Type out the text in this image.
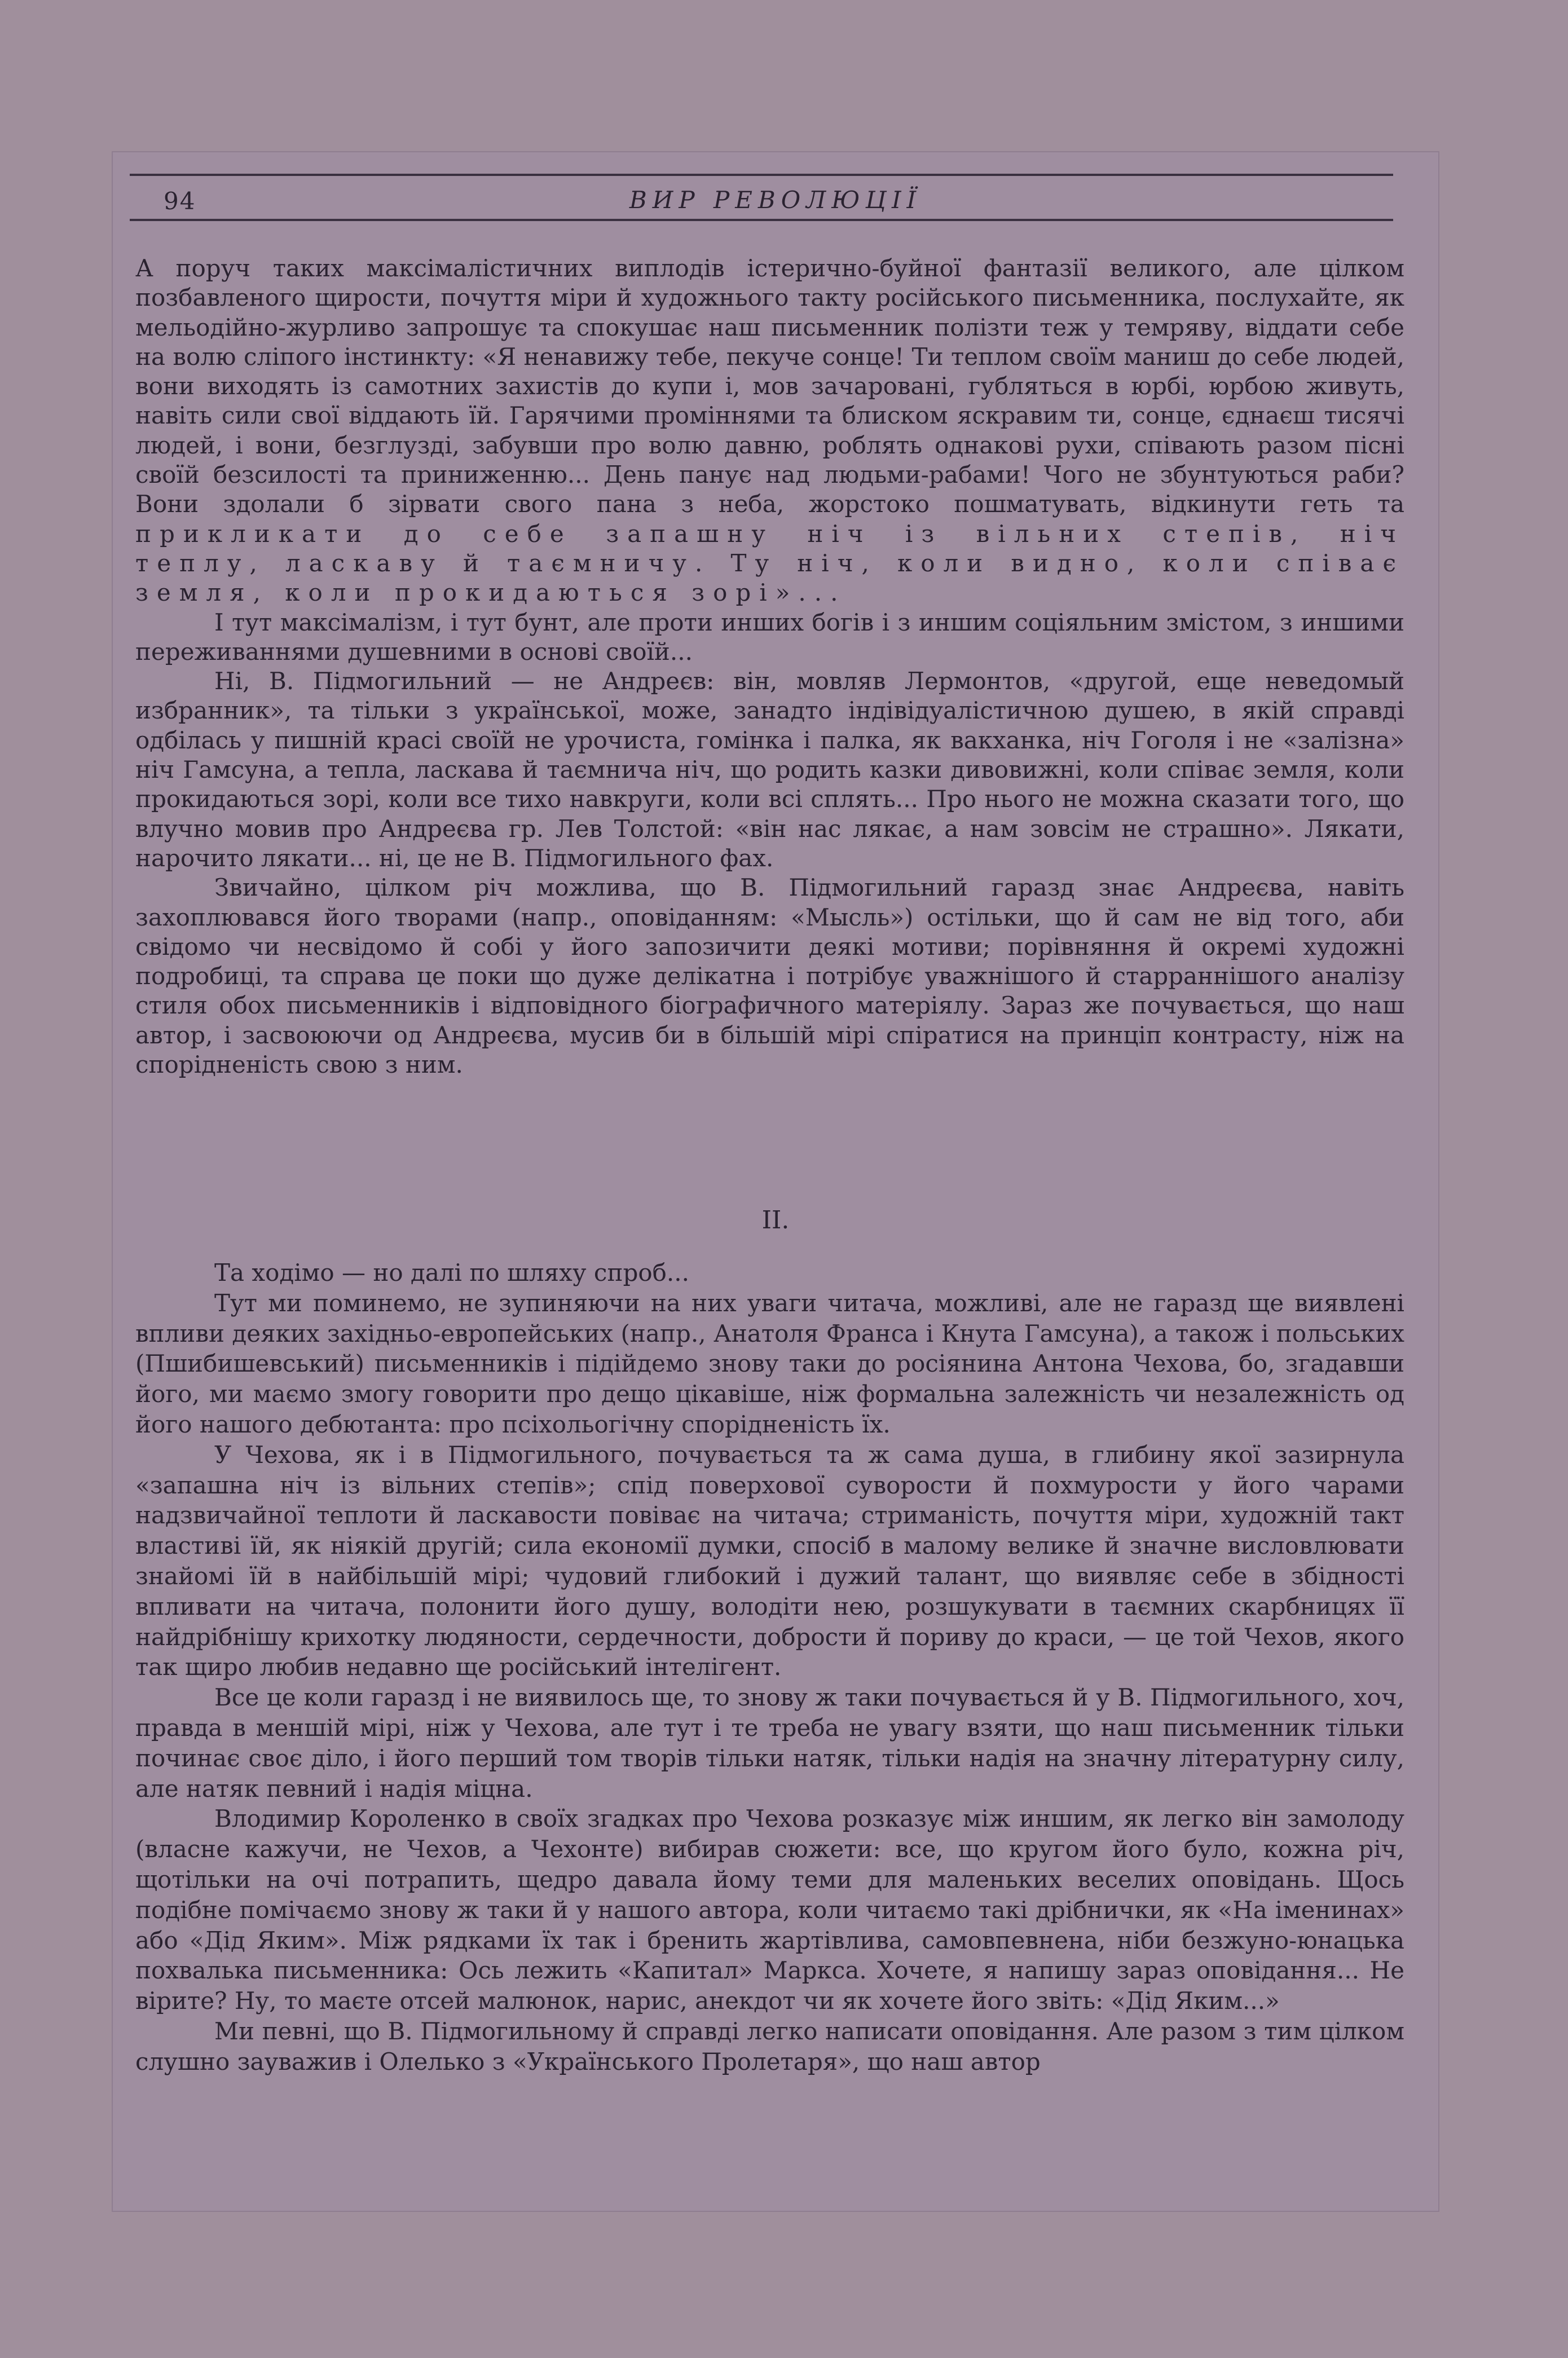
94	ВИР РЕВОЛЮЦІЇ

А поруч таких максімалістичних виплодів істерично-буйної фантазії великого, але цілком позбавленого щирости, почуття міри й художнього такту російського письменника, послухайте, як мельодійно-журливо запрошує та спокушає наш письменник полізти теж у темряву, віддати себе на волю сліпого інстинкту: «Я ненавижу тебе, пекуче сонце! Ти теплом своїм маниш до себе людей, вони виходять із самотних захистів до купи і, мов зачаровані, губляться в юрбі, юрбою живуть, навіть сили свої віддають їй. Гарячими проміннями та блиском яскравим ти, сонце, єднаєш тисячі людей, і вони, безглузді, забувши про волю давню, роблять однакові рухи, співають разом пісні своїй безсилості та приниженню... День панує над людьми-рабами! Чого не збунтуються раби? Вони здолали б зірвати свого пана з неба, жорстоко пошматувать, відкинути геть та прикликати до себе запашну ніч із вільних степів, ніч теплу, ласкаву й таємничу. Ту ніч, коли видно, коли співає земля, коли прокидаються зорі»...

І тут максімалізм, і тут бунт, але проти инших богів і з иншим соціяльним змістом, з иншими переживаннями душевними в основі своїй...

Ні, В. Підмогильний — не Андреєв: він, мовляв Лермонтов, «другой, еще неведомый избранник», та тільки з української, може, занадто індівідуалістичною душею, в якій справді одбілась у пишній красі своїй не урочиста, гомінка і палка, як вакханка, ніч Гоголя і не «залізна» ніч Гамсуна, а тепла, ласкава й таємнича ніч, що родить казки дивовижні, коли співає земля, коли прокидаються зорі, коли все тихо навкруги, коли всі сплять... Про нього не можна сказати того, що влучно мовив про Андреєва гр. Лев Толстой: «він нас лякає, а нам зовсім не страшно». Лякати, нарочито лякати... ні, це не В. Підмогильного фах.

Звичайно, цілком річ можлива, що В. Підмогильний гаразд знає Андреєва, навіть захоплювався його творами (напр., оповіданням: «Мысль») остільки, що й сам не від того, аби свідомо чи несвідомо й собі у його запозичити деякі мотиви; порівняння й окремі художні подробиці, та справа це поки що дуже делікатна і потрібує уважнішого й старраннішого аналізу стиля обох письменників і відповідного біографичного матеріялу. Зараз же почувається, що наш автор, і засвоюючи од Андреєва, мусив би в більшій мірі спіратися на принціп контрасту, ніж на спорідненість свою з ним.

II.

Та ходімо — но далі по шляху спроб...

Тут ми поминемо, не зупиняючи на них уваги читача, можливі, але не гаразд ще виявлені впливи деяких західньо-европейських (напр., Анатоля Франса і Кнута Гамсуна), а також і польських (Пшибишевський) письменників і підійдемо знову таки до росіянина Антона Чехова, бо, згадавши його, ми маємо змогу говорити про дещо цікавіше, ніж формальна залежність чи незалежність од його нашого дебютанта: про псіхольогічну спорідненість їх.

У Чехова, як і в Підмогильного, почувається та ж сама душа, в глибину якої зазирнула «запашна ніч із вільних степів»; спід поверхової суворости й похмурости у його чарами надзвичайної теплоти й ласкавости повіває на читача; стриманість, почуття міри, художній такт властиві їй, як ніякій другій; сила економії думки, спосіб в малому велике й значне висловлювати знайомі їй в найбільшій мірі; чудовий глибокий і дужий талант, що виявляє себе в збідності впливати на читача, полонити його душу, володіти нею, розшукувати в таємних скарбницях її найдрібнішу крихотку людяности, сердечности, добрости й пориву до краси, — це той Чехов, якого так щиро любив недавно ще російський інтелігент.

Все це коли гаразд і не виявилось ще, то знову ж таки почувається й у В. Підмогильного, хоч, правда в меншій мірі, ніж у Чехова, але тут і те треба не увагу взяти, що наш письменник тільки починає своє діло, і його перший том творів тільки натяк, тільки надія на значну літературну силу, але натяк певний і надія міцна.

Влодимир Короленко в своїх згадках про Чехова розказує між иншим, як легко він замолоду (власне кажучи, не Чехов, а Чехонте) вибирав сюжети: все, що кругом його було, кожна річ, щотільки на очі потрапить, щедро давала йому теми для маленьких веселих оповідань. Щось подібне помічаємо знову ж таки й у нашого автора, коли читаємо такі дрібнички, як «На іменинах» або «Дід Яким». Між рядками їх так і бренить жартівлива, самовпевнена, ніби безжуно-юнацька похвалька письменника: Ось лежить «Капитал» Маркса. Хочете, я напишу зараз оповідання... Не вірите? Ну, то маєте отсей малюнок, нарис, анекдот чи як хочете його звіть: «Дід Яким...»

Ми певні, що В. Підмогильному й справді легко написати оповідання. Але разом з тим цілком слушно зауважив і Олелько з «Українського Пролетаря», що наш автор
